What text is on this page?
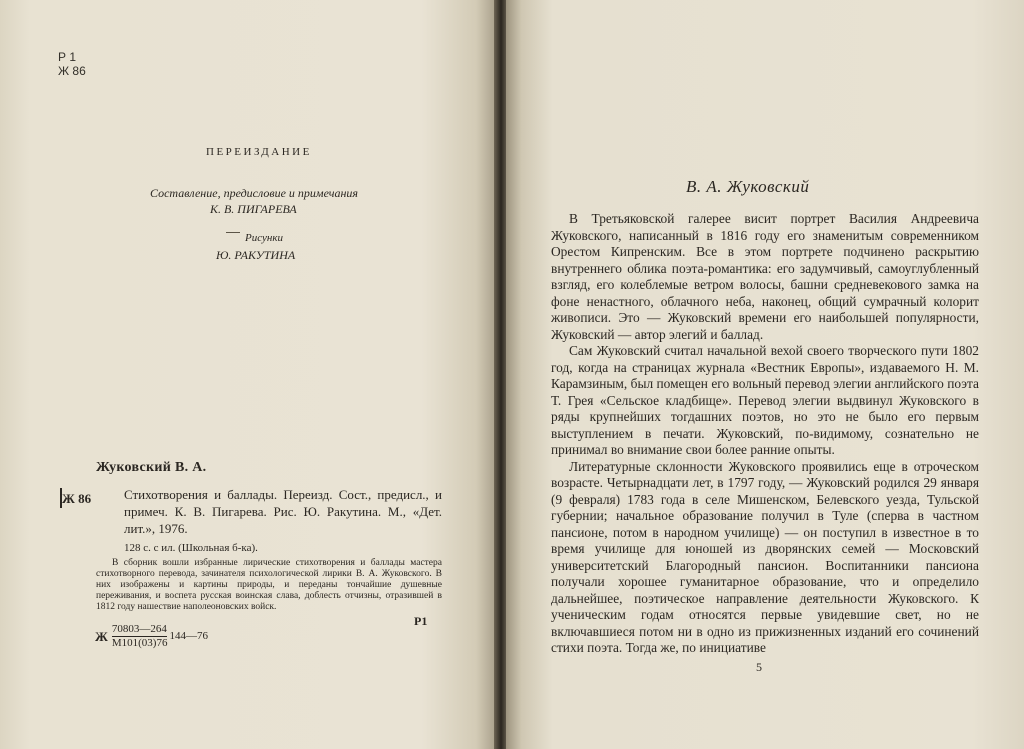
​
Р 1
Ж 86
ПЕРЕИЗДАНИЕ
Составление, предисловие и примечания
К. В. ПИГАРЕВА
Рисунки
Ю. РАКУТИНА
Жуковский В. А.
Ж 86	Стихотворения и баллады. Переизд. Сост., предисл., и примеч. К. В. Пигарева. Рис. Ю. Ракутина. М., «Дет. лит.», 1976.
128 с. с ил. (Школьная б-ка).
В сборник вошли избранные лирические стихотворения и баллады мастера стихотворного перевода, зачинателя психологической лирики В. А. Жуковского. В них изображены и картины природы, и переданы тончайшие душевные переживания, и воспета русская воинская слава, доблесть отчизны, отразившей в 1812 году нашествие наполеоновских войск.
Р1
Ж	70803—264	144—76
М101(03)76
В. А. Жуковский

В Третьяковской галерее висит портрет Василия Андреевича Жуковского, написанный в 1816 году его знаменитым современником Орестом Кипренским. Все в этом портрете подчинено раскрытию внутреннего облика поэта-романтика: его задумчивый, самоуглубленный взгляд, его колеблемые ветром волосы, башни средневекового замка на фоне ненастного, облачного неба, наконец, общий сумрачный колорит живописи. Это — Жуковский времени его наибольшей популярности, Жуковский — автор элегий и баллад.

Сам Жуковский считал начальной вехой своего творческого пути 1802 год, когда на страницах журнала «Вестник Европы», издаваемого Н. М. Карамзиным, был помещен его вольный перевод элегии английского поэта Т. Грея «Сельское кладбище». Перевод элегии выдвинул Жуковского в ряды крупнейших тогдашних поэтов, но это не было его первым выступлением в печати. Жуковский, по-видимому, сознательно не принимал во внимание свои более ранние опыты.

Литературные склонности Жуковского проявились еще в отроческом возрасте. Четырнадцати лет, в 1797 году, — Жуковский родился 29 января (9 февраля) 1783 года в селе Мишенском, Белевского уезда, Тульской губернии; начальное образование получил в Туле (сперва в частном пансионе, потом в народном училище) — он поступил в известное в то время училище для юношей из дворянских семей — Московский университетский Благородный пансион. Воспитанники пансиона получали хорошее гуманитарное образование, что и определило дальнейшее, поэтическое направление деятельности Жуковского. К ученическим годам относятся первые увидевшие свет, но не включавшиеся потом ни в одно из прижизненных изданий его сочинений стихи поэта. Тогда же, по инициативе

5
